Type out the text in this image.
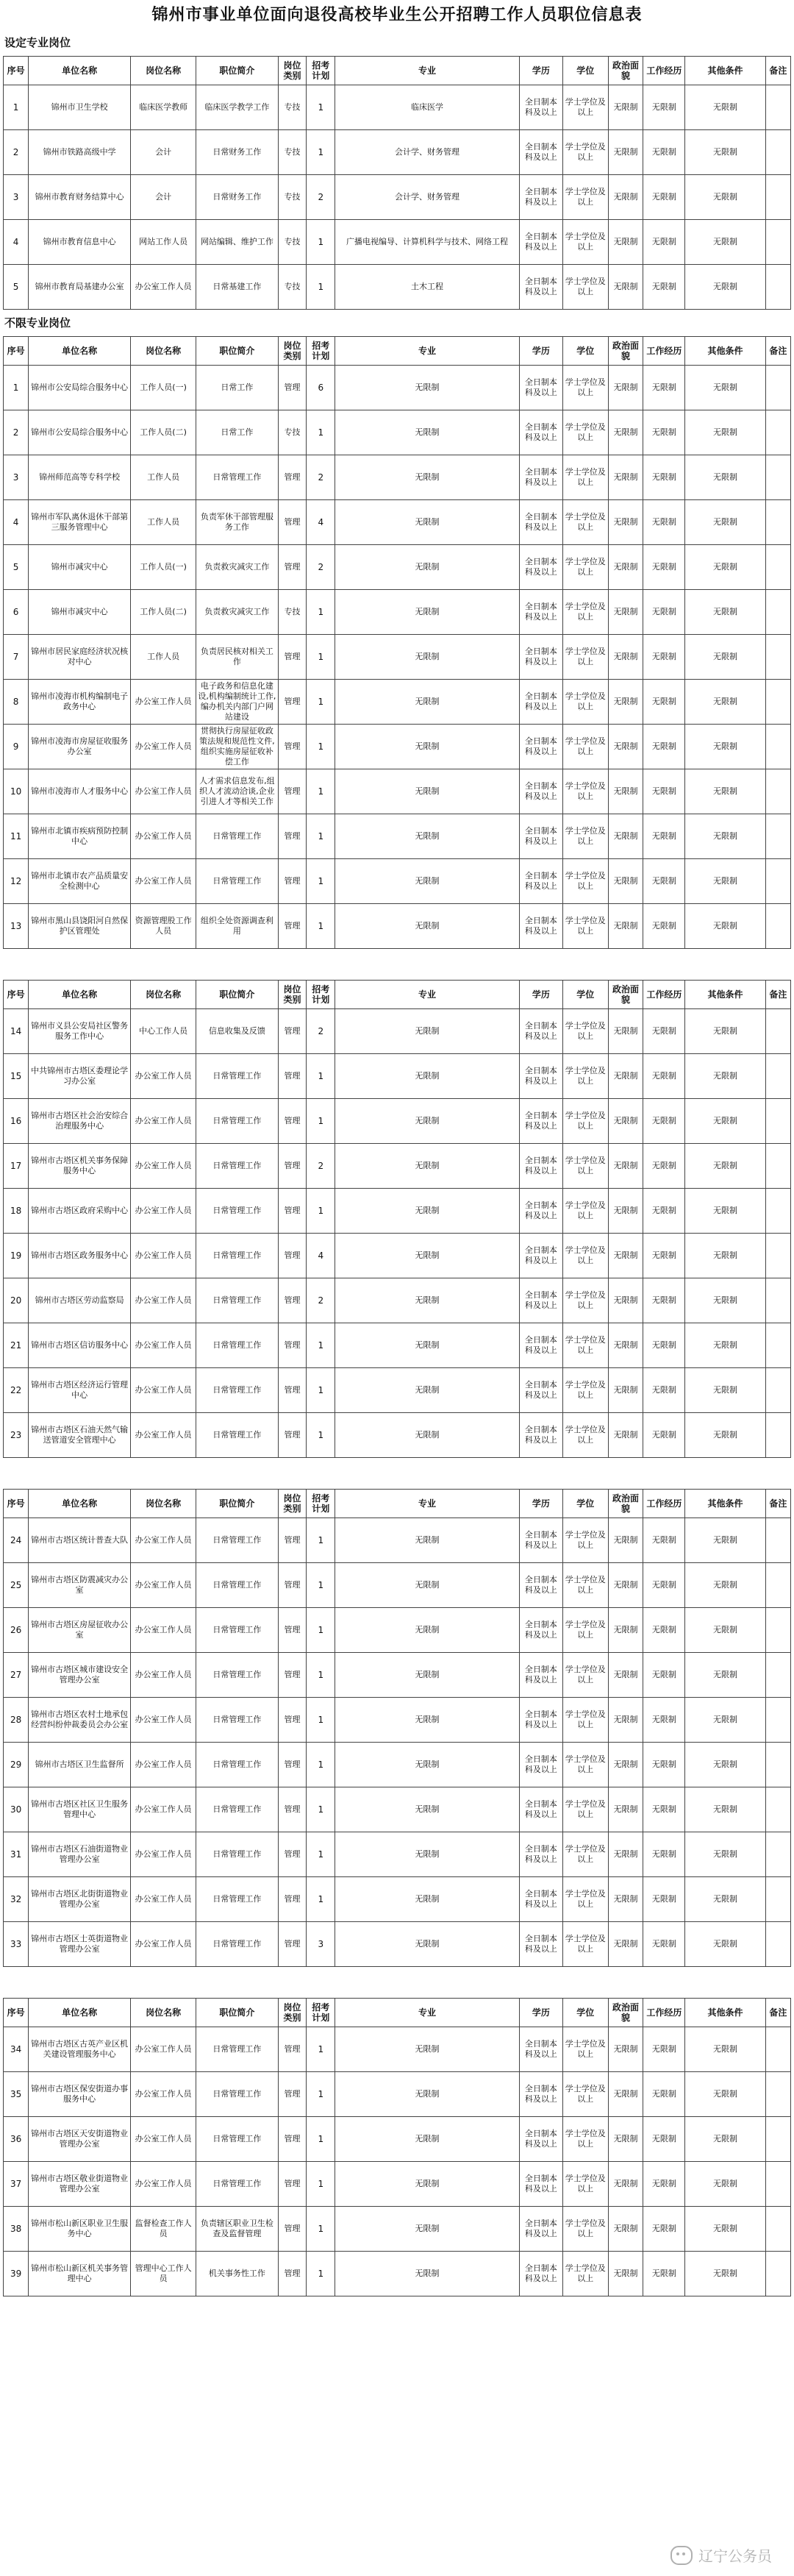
锦州市事业单位面向退役高校毕业生公开招聘工作人员职位信息表
设定专业岗位
序号	单位名称	岗位名称	职位简介	岗位类别	招考计划	专业	学历	学位	政治面貌	工作经历	其他条件	备注
1	锦州市卫生学校	临床医学教师	临床医学教学工作	专技	1	临床医学	全日制本科及以上	学士学位及以上	无限制	无限制	无限制	
2	锦州市铁路高级中学	会计	日常财务工作	专技	1	会计学、财务管理	全日制本科及以上	学士学位及以上	无限制	无限制	无限制	
3	锦州市教育财务结算中心	会计	日常财务工作	专技	2	会计学、财务管理	全日制本科及以上	学士学位及以上	无限制	无限制	无限制	
4	锦州市教育信息中心	网站工作人员	网站编辑、维护工作	专技	1	广播电视编导、计算机科学与技术、网络工程	全日制本科及以上	学士学位及以上	无限制	无限制	无限制	
5	锦州市教育局基建办公室	办公室工作人员	日常基建工作	专技	1	土木工程	全日制本科及以上	学士学位及以上	无限制	无限制	无限制	
不限专业岗位
序号	单位名称	岗位名称	职位简介	岗位类别	招考计划	专业	学历	学位	政治面貌	工作经历	其他条件	备注
1	锦州市公安局综合服务中心	工作人员(一)	日常工作	管理	6	无限制	全日制本科及以上	学士学位及以上	无限制	无限制	无限制	
2	锦州市公安局综合服务中心	工作人员(二)	日常工作	专技	1	无限制	全日制本科及以上	学士学位及以上	无限制	无限制	无限制	
3	锦州师范高等专科学校	工作人员	日常管理工作	管理	2	无限制	全日制本科及以上	学士学位及以上	无限制	无限制	无限制	
4	锦州市军队离休退休干部第三服务管理中心	工作人员	负责军休干部管理服务工作	管理	4	无限制	全日制本科及以上	学士学位及以上	无限制	无限制	无限制	
5	锦州市减灾中心	工作人员(一)	负责救灾减灾工作	管理	2	无限制	全日制本科及以上	学士学位及以上	无限制	无限制	无限制	
6	锦州市减灾中心	工作人员(二)	负责救灾减灾工作	专技	1	无限制	全日制本科及以上	学士学位及以上	无限制	无限制	无限制	
7	锦州市居民家庭经济状况核对中心	工作人员	负责居民核对相关工作	管理	1	无限制	全日制本科及以上	学士学位及以上	无限制	无限制	无限制	
8	锦州市凌海市机构编制电子政务中心	办公室工作人员	电子政务和信息化建设,机构编制统计工作,编办机关内部门户网站建设	管理	1	无限制	全日制本科及以上	学士学位及以上	无限制	无限制	无限制	
9	锦州市凌海市房屋征收服务办公室	办公室工作人员	贯彻执行房屋征收政策法规和规范性文件,组织实施房屋征收补偿工作	管理	1	无限制	全日制本科及以上	学士学位及以上	无限制	无限制	无限制	
10	锦州市凌海市人才服务中心	办公室工作人员	人才需求信息发布,组织人才流动洽谈,企业引进人才等相关工作	管理	1	无限制	全日制本科及以上	学士学位及以上	无限制	无限制	无限制	
11	锦州市北镇市疾病预防控制中心	办公室工作人员	日常管理工作	管理	1	无限制	全日制本科及以上	学士学位及以上	无限制	无限制	无限制	
12	锦州市北镇市农产品质量安全检测中心	办公室工作人员	日常管理工作	管理	1	无限制	全日制本科及以上	学士学位及以上	无限制	无限制	无限制	
13	锦州市黑山县饶阳河自然保护区管理处	资源管理股工作人员	组织全处资源调查利用	管理	1	无限制	全日制本科及以上	学士学位及以上	无限制	无限制	无限制	
序号	单位名称	岗位名称	职位简介	岗位类别	招考计划	专业	学历	学位	政治面貌	工作经历	其他条件	备注
14	锦州市义县公安局社区警务服务工作中心	中心工作人员	信息收集及反馈	管理	2	无限制	全日制本科及以上	学士学位及以上	无限制	无限制	无限制	
15	中共锦州市古塔区委理论学习办公室	办公室工作人员	日常管理工作	管理	1	无限制	全日制本科及以上	学士学位及以上	无限制	无限制	无限制	
16	锦州市古塔区社会治安综合治理服务中心	办公室工作人员	日常管理工作	管理	1	无限制	全日制本科及以上	学士学位及以上	无限制	无限制	无限制	
17	锦州市古塔区机关事务保障服务中心	办公室工作人员	日常管理工作	管理	2	无限制	全日制本科及以上	学士学位及以上	无限制	无限制	无限制	
18	锦州市古塔区政府采购中心	办公室工作人员	日常管理工作	管理	1	无限制	全日制本科及以上	学士学位及以上	无限制	无限制	无限制	
19	锦州市古塔区政务服务中心	办公室工作人员	日常管理工作	管理	4	无限制	全日制本科及以上	学士学位及以上	无限制	无限制	无限制	
20	锦州市古塔区劳动监察局	办公室工作人员	日常管理工作	管理	2	无限制	全日制本科及以上	学士学位及以上	无限制	无限制	无限制	
21	锦州市古塔区信访服务中心	办公室工作人员	日常管理工作	管理	1	无限制	全日制本科及以上	学士学位及以上	无限制	无限制	无限制	
22	锦州市古塔区经济运行管理中心	办公室工作人员	日常管理工作	管理	1	无限制	全日制本科及以上	学士学位及以上	无限制	无限制	无限制	
23	锦州市古塔区石油天然气输送管道安全管理中心	办公室工作人员	日常管理工作	管理	1	无限制	全日制本科及以上	学士学位及以上	无限制	无限制	无限制	
序号	单位名称	岗位名称	职位简介	岗位类别	招考计划	专业	学历	学位	政治面貌	工作经历	其他条件	备注
24	锦州市古塔区统计普查大队	办公室工作人员	日常管理工作	管理	1	无限制	全日制本科及以上	学士学位及以上	无限制	无限制	无限制	
25	锦州市古塔区防震减灾办公室	办公室工作人员	日常管理工作	管理	1	无限制	全日制本科及以上	学士学位及以上	无限制	无限制	无限制	
26	锦州市古塔区房屋征收办公室	办公室工作人员	日常管理工作	管理	1	无限制	全日制本科及以上	学士学位及以上	无限制	无限制	无限制	
27	锦州市古塔区城市建设安全管理办公室	办公室工作人员	日常管理工作	管理	1	无限制	全日制本科及以上	学士学位及以上	无限制	无限制	无限制	
28	锦州市古塔区农村土地承包经营纠纷仲裁委员会办公室	办公室工作人员	日常管理工作	管理	1	无限制	全日制本科及以上	学士学位及以上	无限制	无限制	无限制	
29	锦州市古塔区卫生监督所	办公室工作人员	日常管理工作	管理	1	无限制	全日制本科及以上	学士学位及以上	无限制	无限制	无限制	
30	锦州市古塔区社区卫生服务管理中心	办公室工作人员	日常管理工作	管理	1	无限制	全日制本科及以上	学士学位及以上	无限制	无限制	无限制	
31	锦州市古塔区石油街道物业管理办公室	办公室工作人员	日常管理工作	管理	1	无限制	全日制本科及以上	学士学位及以上	无限制	无限制	无限制	
32	锦州市古塔区北街街道物业管理办公室	办公室工作人员	日常管理工作	管理	1	无限制	全日制本科及以上	学士学位及以上	无限制	无限制	无限制	
33	锦州市古塔区士英街道物业管理办公室	办公室工作人员	日常管理工作	管理	3	无限制	全日制本科及以上	学士学位及以上	无限制	无限制	无限制	
序号	单位名称	岗位名称	职位简介	岗位类别	招考计划	专业	学历	学位	政治面貌	工作经历	其他条件	备注
34	锦州市古塔区古英产业区机关建设管理服务中心	办公室工作人员	日常管理工作	管理	1	无限制	全日制本科及以上	学士学位及以上	无限制	无限制	无限制	
35	锦州市古塔区保安街道办事服务中心	办公室工作人员	日常管理工作	管理	1	无限制	全日制本科及以上	学士学位及以上	无限制	无限制	无限制	
36	锦州市古塔区天安街道物业管理办公室	办公室工作人员	日常管理工作	管理	1	无限制	全日制本科及以上	学士学位及以上	无限制	无限制	无限制	
37	锦州市古塔区敬业街道物业管理办公室	办公室工作人员	日常管理工作	管理	1	无限制	全日制本科及以上	学士学位及以上	无限制	无限制	无限制	
38	锦州市松山新区职业卫生服务中心	监督检查工作人员	负责辖区职业卫生检查及监督管理	管理	1	无限制	全日制本科及以上	学士学位及以上	无限制	无限制	无限制	
39	锦州市松山新区机关事务管理中心	管理中心工作人员	机关事务性工作	管理	1	无限制	全日制本科及以上	学士学位及以上	无限制	无限制	无限制	
辽宁公务员
